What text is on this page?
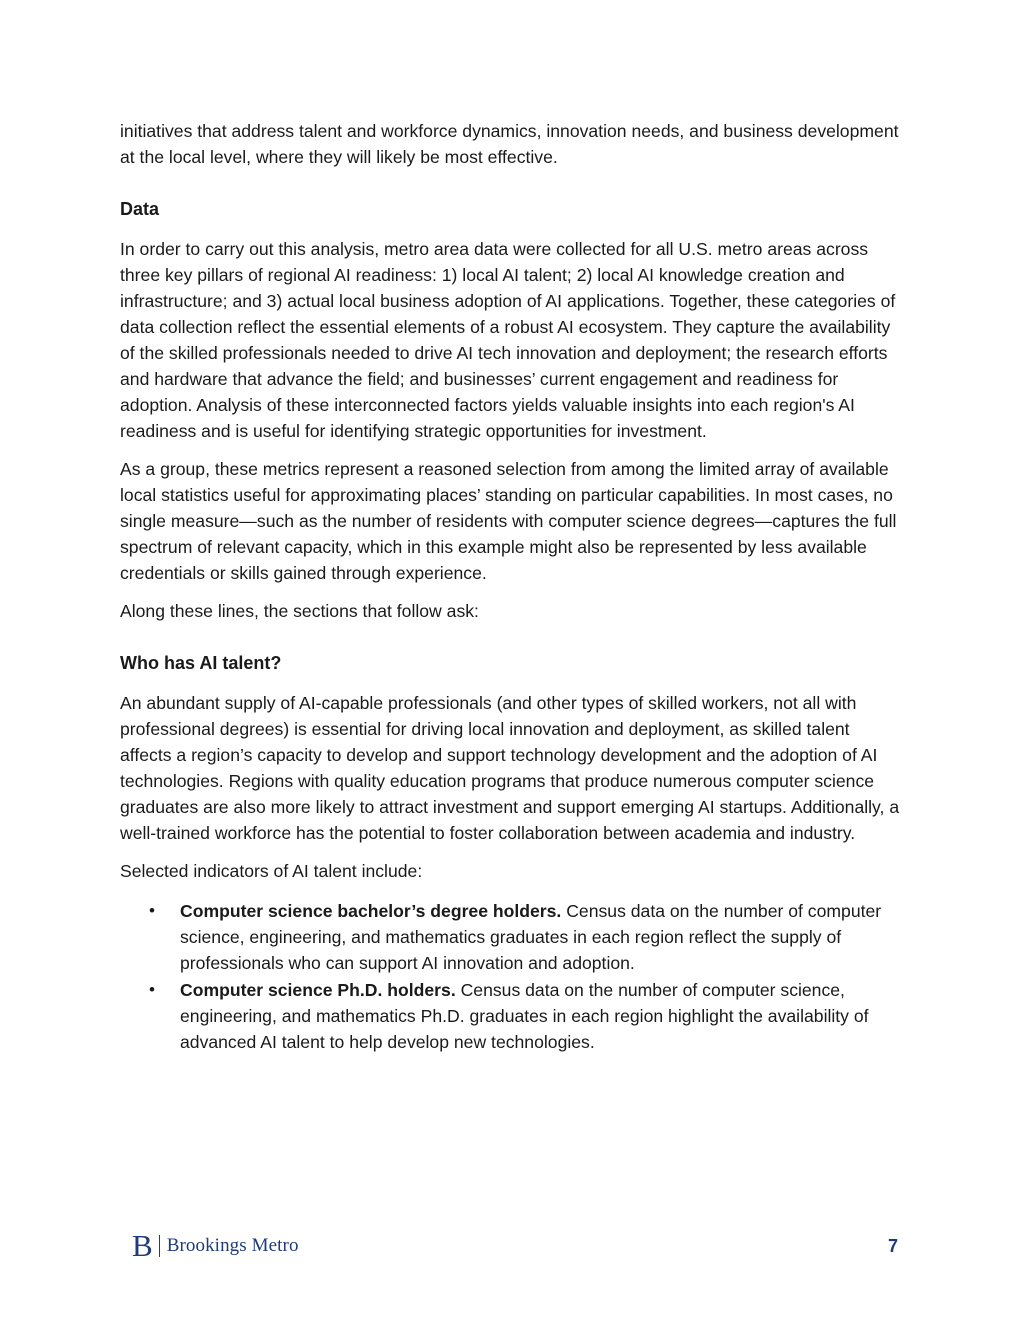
initiatives that address talent and workforce dynamics, innovation needs, and business development at the local level, where they will likely be most effective.

Data

In order to carry out this analysis, metro area data were collected for all U.S. metro areas across three key pillars of regional AI readiness: 1) local AI talent; 2) local AI knowledge creation and infrastructure; and 3) actual local business adoption of AI applications. Together, these categories of data collection reflect the essential elements of a robust AI ecosystem. They capture the availability of the skilled professionals needed to drive AI tech innovation and deployment; the research efforts and hardware that advance the field; and businesses’ current engagement and readiness for adoption. Analysis of these interconnected factors yields valuable insights into each region's AI readiness and is useful for identifying strategic opportunities for investment.

As a group, these metrics represent a reasoned selection from among the limited array of available local statistics useful for approximating places’ standing on particular capabilities. In most cases, no single measure—such as the number of residents with computer science degrees—captures the full spectrum of relevant capacity, which in this example might also be represented by less available credentials or skills gained through experience.

Along these lines, the sections that follow ask:

Who has AI talent?

An abundant supply of AI-capable professionals (and other types of skilled workers, not all with professional degrees) is essential for driving local innovation and deployment, as skilled talent affects a region’s capacity to develop and support technology development and the adoption of AI technologies. Regions with quality education programs that produce numerous computer science graduates are also more likely to attract investment and support emerging AI startups. Additionally, a well-trained workforce has the potential to foster collaboration between academia and industry.

Selected indicators of AI talent include:

• Computer science bachelor’s degree holders. Census data on the number of computer science, engineering, and mathematics graduates in each region reflect the supply of professionals who can support AI innovation and adoption.
• Computer science Ph.D. holders. Census data on the number of computer science, engineering, and mathematics Ph.D. graduates in each region highlight the availability of advanced AI talent to help develop new technologies.
B Brookings Metro	7
